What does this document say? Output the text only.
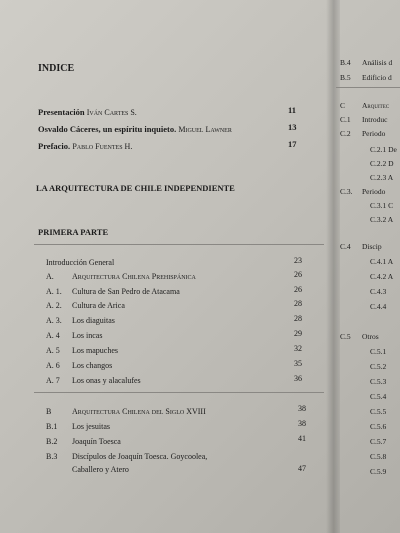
INDICE
Presentación Iván Cartes S.	11
Osvaldo Cáceres, un espíritu inquieto. Miguel Lawner	13
Prefacio. Pablo Fuentes H.	17
LA ARQUITECTURA DE CHILE INDEPENDIENTE
PRIMERA PARTE
Introducción General	23
A. Arquitectura Chilena Prehispánica	26
A. 1. Cultura de San Pedro de Atacama	26
A. 2. Cultura de Arica	28
A. 3. Los diaguitas	28
A. 4 Los incas	29
A. 5 Los mapuches	32
A. 6 Los changos	35
A. 7 Los onas y alacalufes	36
B	Arquitectura Chilena del Siglo XVIII	38
B.1 Los jesuitas	38
B.2 Joaquín Toesca	41
B.3 Discípulos de Joaquín Toesca. Goycoolea,
Caballero y Atero	47
B.4 Análisis d
B.5 Edificio d
C Arquitec
C.1 Introduc
C.2 Periodo
C.2.1 De
C.2.2 D
C.2.3 A
C.3. Periodo
C.3.1 C
C.3.2 A
C.4 Discip
C.4.1 A
C.4.2 A
C.4.3
C.4.4
C.5 Otros
C.5.1
C.5.2
C.5.3
C.5.4
C.5.5
C.5.6
C.5.7
C.5.8
C.5.9
